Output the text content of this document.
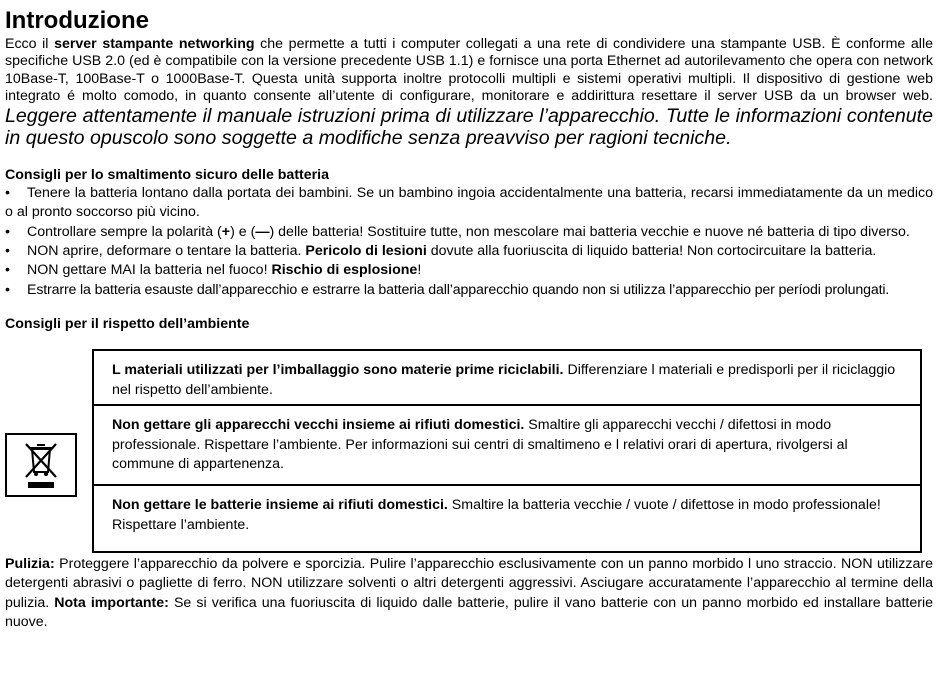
Introduzione

Ecco il server stampante networking che permette a tutti i computer collegati a una rete di condividere una stampante USB. È conforme alle specifiche USB 2.0 (ed è compatibile con la versione precedente USB 1.1) e fornisce una porta Ethernet ad autorilevamento che opera con network 10Base-T, 100Base-T o 1000Base-T. Questa unità supporta inoltre protocolli multipli e sistemi operativi multipli. Il dispositivo di gestione web integrato é molto comodo, in quanto consente all’utente di configurare, monitorare e addirittura resettare il server USB da un browser web. Leggere attentamente il manuale istruzioni prima di utilizzare l’apparecchio. Tutte le informazioni contenute in questo opuscolo sono soggette a modifiche senza preavviso per ragioni tecniche.

Consigli per lo smaltimento sicuro delle batteria

•	Tenere la batteria lontano dalla portata dei bambini. Se un bambino ingoia accidentalmente una batteria, recarsi immediatamente da un medico o al pronto soccorso più vicino.
•	Controllare sempre la polarità (+) e (—) delle batteria! Sostituire tutte, non mescolare mai batteria vecchie e nuove né batteria di tipo diverso.
•	NON aprire, deformare o tentare la batteria. Pericolo di lesioni dovute alla fuoriuscita di liquido batteria! Non cortocircuitare la batteria.
•	NON gettare MAI la batteria nel fuoco! Rischio di esplosione!
•	Estrarre la batteria esauste dall’apparecchio e estrarre la batteria dall’apparecchio quando non si utilizza l’apparecchio per períodi prolungati.

Consigli per il rispetto dell’ambiente

L materiali utilizzati per l’imballaggio sono materie prime riciclabili. Differenziare l materiali e predisporli per il riciclaggio nel rispetto dell’ambiente.
Non gettare gli apparecchi vecchi insieme ai rifiuti domestici. Smaltire gli apparecchi vecchi / difettosi in modo professionale. Rispettare l’ambiente. Per informazioni sui centri di smaltimeno e l relativi orari di apertura, rivolgersi al commune di appartenenza.
Non gettare le batterie insieme ai rifiuti domestici. Smaltire la batteria vecchie / vuote / difettose in modo professionale! Rispettare l’ambiente.

Pulizia: Proteggere l’apparecchio da polvere e sporcizia. Pulire l’apparecchio esclusivamente con un panno morbido l uno straccio. NON utilizzare detergenti abrasivi o pagliette di ferro. NON utilizzare solventi o altri detergenti aggressivi. Asciugare accuratamente l’apparecchio al termine della pulizia. Nota importante: Se si verifica una fuoriuscita di liquido dalle batterie, pulire il vano batterie con un panno morbido ed installare batterie nuove.
